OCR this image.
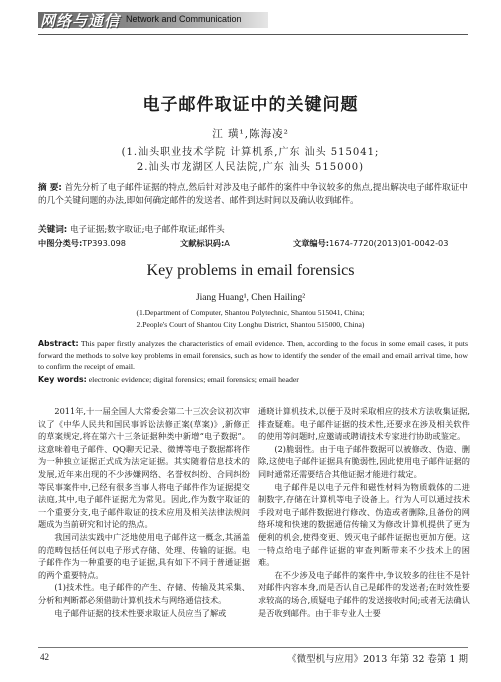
网络与通信 Network and Communication
电子邮件取证中的关键问题
江 璜¹,陈海凌²
(1.汕头职业技术学院 计算机系,广东 汕头 515041;
2.汕头市龙湖区人民法院,广东 汕头 515000)
摘 要: 首先分析了电子邮件证据的特点,然后针对涉及电子邮件的案件中争议较多的焦点,提出解决电子邮件取证中的几个关键问题的办法,即如何确定邮件的发送者、邮件到达时间以及确认收到邮件。
关键词: 电子证据;数字取证;电子邮件取证;邮件头
中图分类号:TP393.098	文献标识码:A	文章编号:1674-7720(2013)01-0042-03
Key problems in email forensics
Jiang Huang¹, Chen Hailing²
(1.Department of Computer, Shantou Polytechnic, Shantou 515041, China;
2.People's Court of Shantou City Longhu District, Shantou 515000, China)
Abstract: This paper firstly analyzes the characteristics of email evidence. Then, according to the focus in some email cases, it puts forward the methods to solve key problems in email forensics, such as how to identify the sender of the email and email arrival time, how to confirm the receipt of email.
Key words: electronic evidence; digital forensics; email forensics; email header

2011年,十一届全国人大常委会第二十三次会议初次审议了《中华人民共和国民事诉讼法修正案(草案)》,新修正的草案规定,将在第六十三条证据种类中新增“电子数据”。这意味着电子邮件、QQ聊天记录、微博等电子数据都将作为一种独立证据正式成为法定证据。其实随着信息技术的发展,近年来出现的不少涉嫌网络、名誉权纠纷、合同纠纷等民事案件中,已经有很多当事人将电子邮件作为证据提交法庭,其中,电子邮件证据尤为常见。因此,作为数字取证的一个重要分支,电子邮件取证的技术应用及相关法律法规问题成为当前研究和讨论的热点。

我国司法实践中广泛地使用电子邮件这一概念,其涵盖的范畴包括任何以电子形式存储、处理、传输的证据。电子邮件作为一种重要的电子证据,具有如下不同于普通证据的两个重要特点。

(1)技术性。电子邮件的产生、存储、传输及其采集、分析和判断都必须借助计算机技术与网络通信技术。

电子邮件证据的技术性要求取证人员应当了解或

通晓计算机技术,以便于及时采取相应的技术方法收集证据,排查疑难。电子邮件证据的技术性,还要求在涉及相关软件的使用等问题时,应邀请或聘请技术专家进行协助或鉴定。

(2)脆弱性。由于电子邮件数据可以被修改、伪造、删除,这使电子邮件证据具有脆弱性,因此使用电子邮件证据的同时通常还需要结合其他证据才能进行裁定。

电子邮件是以电子元件和磁性材料为物质载体的二进制数字,存储在计算机等电子设备上。行为人可以通过技术手段对电子邮件数据进行修改、伪造或者删除,且备份的网络环境和快速的数据通信传输又为修改计算机提供了更为便利的机会,使得变更、毁灭电子邮件证据也更加方便。这一特点给电子邮件证据的审查判断带来不少技术上的困难。

在不少涉及电子邮件的案件中,争议较多的往往不是针对邮件内容本身,而是否认自己是邮件的发送者;在时效性要求较高的场合,质疑电子邮件的发送接收时间;或者无法确认是否收到邮件。由于非专业人士要

42	《微型机与应用》2013 年第 32 卷第 1 期
